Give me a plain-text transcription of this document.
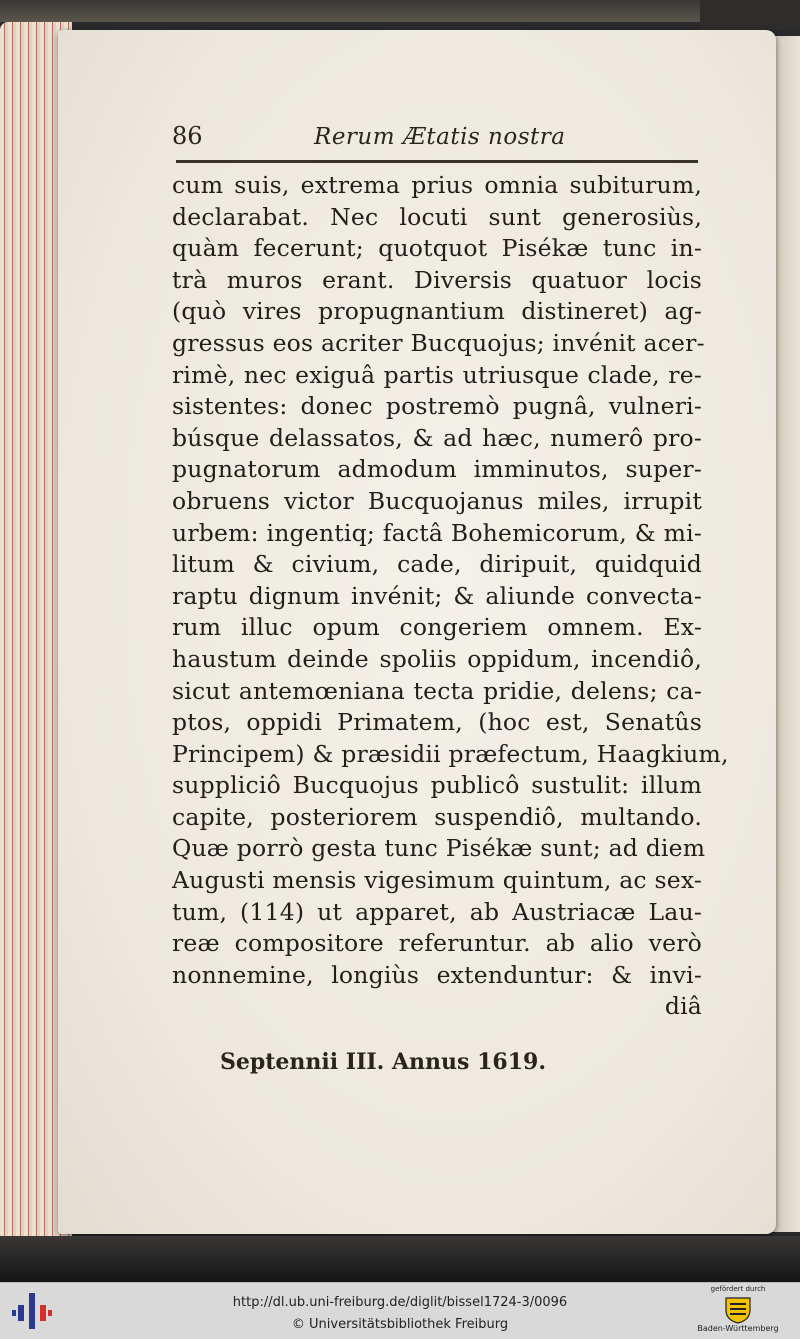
86	Rerum Ætatis nostra
cum suis, extrema prius omnia subiturum,
declarabat. Nec locuti sunt generosiùs,
quàm fecerunt; quotquot Pisékæ tunc in-
trà muros erant. Diversis quatuor locis
(quò vires propugnantium distineret) ag-
gressus eos acriter Bucquojus; invénit acer-
rimè, nec exiguâ partis utriusque clade, re-
sistentes: donec postremò pugnâ, vulneri-
búsque delassatos, & ad hæc, numerô pro-
pugnatorum admodum imminutos, super-
obruens victor Bucquojanus miles, irrupit
urbem: ingentiq; factâ Bohemicorum, & mi-
litum & civium, cade, diripuit, quidquid
raptu dignum invénit; & aliunde convecta-
rum illuc opum congeriem omnem. Ex-
haustum deinde spoliis oppidum, incendiô,
sicut antemœniana tecta pridie, delens; ca-
ptos, oppidi Primatem, (hoc est, Senatûs
Principem) & præsidii præfectum, Haagkium,
suppliciô Bucquojus publicô sustulit: illum
capite, posteriorem suspendiô, multando.
Quæ porrò gesta tunc Pisékæ sunt; ad diem
Augusti mensis vigesimum quintum, ac sex-
tum, (114) ut apparet, ab Austriacæ Lau-
reæ compositore referuntur. ab alio verò
nonnemine, longiùs extenduntur: & invi-
diâ
Septennii III. Annus 1619.
http://dl.ub.uni-freiburg.de/diglit/bissel1724-3/0096
© Universitätsbibliothek Freiburg
gefördert durch
Baden-Württemberg
